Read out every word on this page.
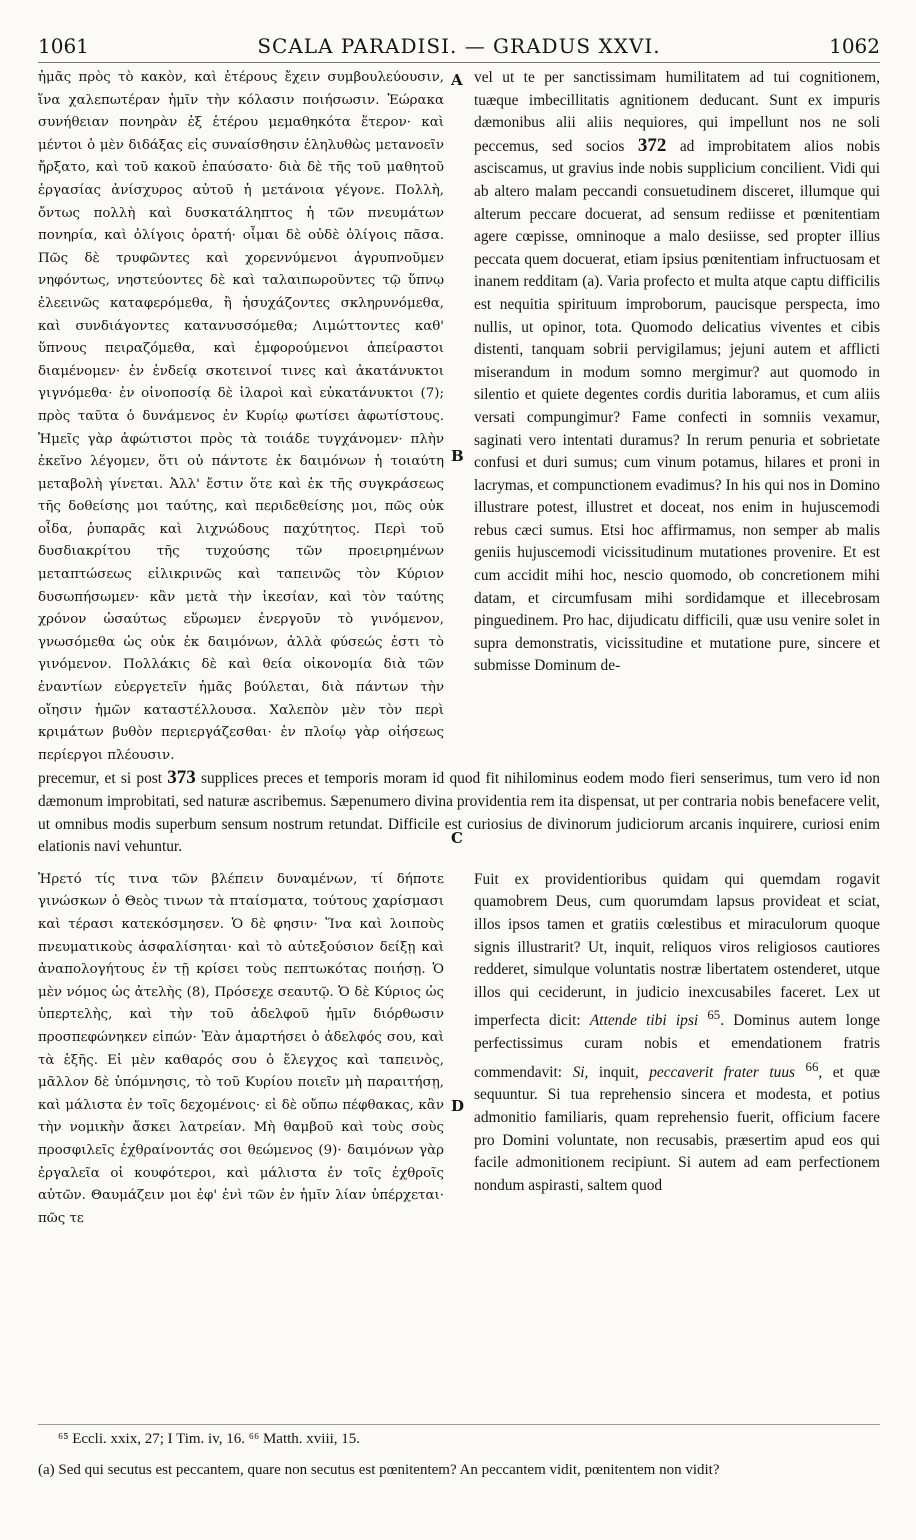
1061	SCALA PARADISI. — GRADUS XXVI.	1062

ἡμᾶς πρὸς τὸ κακὸν, καὶ ἑτέρους ἔχειν συμβουλεύουσιν, ἵνα χαλεπωτέραν ἡμῖν τὴν κόλασιν ποιήσωσιν. Ἑώρακα συνήθειαν πονηρὰν ἐξ ἑτέρου μεμαθηκότα ἕτερον· καὶ μέντοι ὁ μὲν διδάξας εἰς συναίσθησιν ἐληλυθὼς μετανοεῖν ἤρξατο, καὶ τοῦ κακοῦ ἐπαύσατο· διὰ δὲ τῆς τοῦ μαθητοῦ ἐργασίας ἀνίσχυρος αὐτοῦ ἡ μετάνοια γέγονε. Πολλὴ, ὄντως πολλὴ καὶ δυσκατάληπτος ἡ τῶν πνευμάτων πονηρία, καὶ ὀλίγοις ὁρατή· οἶμαι δὲ οὐδὲ ὀλίγοις πᾶσα. Πῶς δὲ τρυφῶντες καὶ χορεννύμενοι ἀγρυπνοῦμεν νηφόντως, νηστεύοντες δὲ καὶ ταλαιπωροῦντες τῷ ὕπνῳ ἐλεεινῶς καταφερόμεθα, ἢ ἡσυχάζοντες σκληρυνόμεθα, καὶ συνδιάγοντες κατανυσσόμεθα; Λιμώττοντες καθ' ὕπνους πειραζόμεθα, καὶ ἐμφορούμενοι ἀπείραστοι διαμένομεν· ἐν ἐνδείᾳ σκοτεινοί τινες καὶ ἀκατάνυκτοι γιγνόμεθα· ἐν οἰνοποσίᾳ δὲ ἱλαροὶ καὶ εὐκατάνυκτοι (7); πρὸς ταῦτα ὁ δυνάμενος ἐν Κυρίῳ φωτίσει ἀφωτίστους. Ἡμεῖς γὰρ ἀφώτιστοι πρὸς τὰ τοιάδε τυγχάνομεν· πλὴν ἐκεῖνο λέγομεν, ὅτι οὐ πάντοτε ἐκ δαιμόνων ἡ τοιαύτη μεταβολὴ γίνεται. Ἀλλ' ἔστιν ὅτε καὶ ἐκ τῆς συγκράσεως τῆς δοθείσης μοι ταύτης, καὶ περιδεθείσης μοι, πῶς οὐκ οἶδα, ῥυπαρᾶς καὶ λιχνώδους παχύτητος. Περὶ τοῦ δυσδιακρίτου τῆς τυχούσης τῶν προειρημένων μεταπτώσεως εἰλικρινῶς καὶ ταπεινῶς τὸν Κύριον δυσωπήσωμεν· κἂν μετὰ τὴν ἱκεσίαν, καὶ τὸν ταύτης χρόνον ὡσαύτως εὕρωμεν ἐνεργοῦν τὸ γινόμενον, γνωσόμεθα ὡς οὐκ ἐκ δαιμόνων, ἀλλὰ φύσεώς ἐστι τὸ γινόμενον. Πολλάκις δὲ καὶ θεία οἰκονομία διὰ τῶν ἐναντίων εὐεργετεῖν ἡμᾶς βούλεται, διὰ πάντων τὴν οἴησιν ἡμῶν καταστέλλουσα. Χαλεπὸν μὲν τὸν περὶ κριμάτων βυθὸν περιεργάζεσθαι· ἐν πλοίῳ γὰρ οἰήσεως περίεργοι πλέουσιν.

A
B
C

vel ut te per sanctissimam humilitatem ad tui cognitionem, tuæque imbecillitatis agnitionem deducant. Sunt ex impuris dæmonibus alii aliis nequiores, qui impellunt nos ne soli peccemus, sed socios 372 ad improbitatem alios nobis asciscamus, ut gravius inde nobis supplicium concilient. Vidi qui ab altero malam peccandi consuetudinem disceret, illumque qui alterum peccare docuerat, ad sensum rediisse et pœnitentiam agere cœpisse, omninoque a malo desiisse, sed propter illius peccata quem docuerat, etiam ipsius pœnitentiam infructuosam et inanem redditam (a). Varia profecto et multa atque captu difficilis est nequitia spirituum improborum, paucisque perspecta, imo nullis, ut opinor, tota. Quomodo delicatius viventes et cibis distenti, tanquam sobrii pervigilamus; jejuni autem et afflicti miserandum in modum somno mergimur? aut quomodo in silentio et quiete degentes cordis duritia laboramus, et cum aliis versati compungimur? Fame confecti in somniis vexamur, saginati vero intentati duramus? In rerum penuria et sobrietate confusi et duri sumus; cum vinum potamus, hilares et proni in lacrymas, et compunctionem evadimus? In his qui nos in Domino illustrare potest, illustret et doceat, nos enim in hujuscemodi rebus cæci sumus. Etsi hoc affirmamus, non semper ab malis geniis hujuscemodi vicissitudinum mutationes provenire. Et est cum accidit mihi hoc, nescio quomodo, ob concretionem mihi datam, et circumfusam mihi sordidamque et illecebrosam pinguedinem. Pro hac, dijudicatu difficili, quæ usu venire solet in supra demonstratis, vicissitudine et mutatione pure, sincere et submisse Dominum de-

precemur, et si post 373 supplices preces et temporis moram id quod fit nihilominus eodem modo fieri senserimus, tum vero id non dæmonum improbitati, sed naturæ ascribemus. Sæpenumero divina providentia rem ita dispensat, ut per contraria nobis benefacere velit, ut omnibus modis superbum sensum nostrum retundat. Difficile est curiosius de divinorum judiciorum arcanis inquirere, curiosi enim elationis navi vehuntur.

Ἠρετό τίς τινα τῶν βλέπειν δυναμένων, τί δήποτε γινώσκων ὁ Θεὸς τινων τὰ πταίσματα, τούτους χαρίσμασι καὶ τέρασι κατεκόσμησεν. Ὁ δὲ φησιν· Ἵνα καὶ λοιποὺς πνευματικοὺς ἀσφαλίσηται· καὶ τὸ αὐτεξούσιον δείξῃ καὶ ἀναπολογήτους ἐν τῇ κρίσει τοὺς πεπτωκότας ποιήσῃ. Ὁ μὲν νόμος ὡς ἀτελὴς (8), Πρόσεχε σεαυτῷ. Ὁ δὲ Κύριος ὡς ὑπερτελὴς, καὶ τὴν τοῦ ἀδελφοῦ ἡμῖν διόρθωσιν προσπεφώνηκεν εἰπών· Ἐὰν ἁμαρτήσει ὁ ἀδελφός σου, καὶ τὰ ἑξῆς. Εἰ μὲν καθαρός σου ὁ ἔλεγχος καὶ ταπεινὸς, μᾶλλον δὲ ὑπόμνησις, τὸ τοῦ Κυρίου ποιεῖν μὴ παραιτήσῃ, καὶ μάλιστα ἐν τοῖς δεχομένοις· εἰ δὲ οὔπω πέφθακας, κἂν τὴν νομικὴν ἄσκει λατρείαν. Μὴ θαμβοῦ καὶ τοὺς σοὺς προσφιλεῖς ἐχθραίνοντάς σοι θεώμενος (9)· δαιμόνων γὰρ ἐργαλεῖα οἱ κουφότεροι, καὶ μάλιστα ἐν τοῖς ἐχθροῖς αὐτῶν. Θαυμάζειν μοι ἐφ' ἑνὶ τῶν ἐν ἡμῖν λίαν ὑπέρχεται· πῶς τε

D

Fuit ex providentioribus quidam qui quemdam rogavit quamobrem Deus, cum quorumdam lapsus provideat et sciat, illos ipsos tamen et gratiis cœlestibus et miraculorum quoque signis illustrarit? Ut, inquit, reliquos viros religiosos cautiores redderet, simulque voluntatis nostræ libertatem ostenderet, utque illos qui ceciderunt, in judicio inexcusabiles faceret. Lex ut imperfecta dicit: Attende tibi ipsi $^{65}$. Dominus autem longe perfectissimus curam nobis et emendationem fratris commendavit: Si, inquit, peccaverit frater tuus $^{66}$, et quæ sequuntur. Si tua reprehensio sincera et modesta, et potius admonitio familiaris, quam reprehensio fuerit, officium facere pro Domini voluntate, non recusabis, præsertim apud eos qui facile admonitionem recipiunt. Si autem ad eam perfectionem nondum aspirasti, saltem quod

⁶⁵ Eccli. xxix, 27; I Tim. iv, 16. ⁶⁶ Matth. xviii, 15.

(a) Sed qui secutus est peccantem, quare non secutus est pœnitentem? An peccantem vidit, pœnitentem non vidit?
